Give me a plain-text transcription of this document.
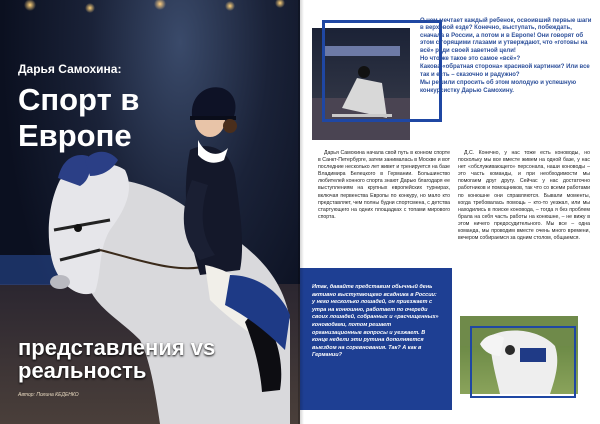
Дарья Самохина:
Спорт в Европе
представления vs реальность
Автор: Полина КЕДЕНКО

О чем мечтает каждый ребенок, освоивший первые шаги в верховой езде? Конечно, выступать, побеждать, сначала в России, а потом и в Европе! Они говорят об этом с горящими глазами и утверждают, что «готовы на всё» ради своей заветной цели!

Но что же такое это самое «всё»?

Какова «обратная сторона» красивой картинки? Или все так и есть – сказочно и радужно?

Мы решили спросить об этом молодую и успешную конкурсистку Дарью Самохину.

Дарья Самохина начала свой путь в конном спорте в Санкт-Петербурге, затем занималась в Москве и вот последние несколько лет живет и тренируется на базе Владимира Белецкого в Германии. Большинство любителей конного спорта знают Дарью благодаря ее выступлениям на крупных европейских турнирах, включая первенства Европы по конкуру, но мало кто представляет, чем полны будни спортсмена, с детства стартующего на одних площадках с топами мирового спорта.

Д.С. Конечно, у нас тоже есть коноводы, но поскольку мы все вместе живем на одной базе, у нас нет «обслуживающего» персонала, наши коноводы – это часть команды, и при необходимости мы помогаем друг другу. Сейчас у нас достаточно работников и помощников, так что со всеми работами по конюшне они справляются. Бывали моменты, когда требовалась помощь – кто-то уезжал, или мы находились в поиске коновода, – тогда я без проблем брала на себя часть работы на конюшне, – не вижу в этом ничего предосудительного. Мы все – одна команда, мы проводим вместе очень много времени, вечером собираемся за одним столом, общаемся.

Итак, давайте представим обычный день активно выступающего всадника в России: у него несколько лошадей, он приезжает с утра на конюшню, работает по очереди своих лошадей, собранных и «расчищенных» коноводами, потом решает организационные вопросы и уезжает. В конце недели эти рутина дополняется выездом на соревнования. Так? А как в Германии?
